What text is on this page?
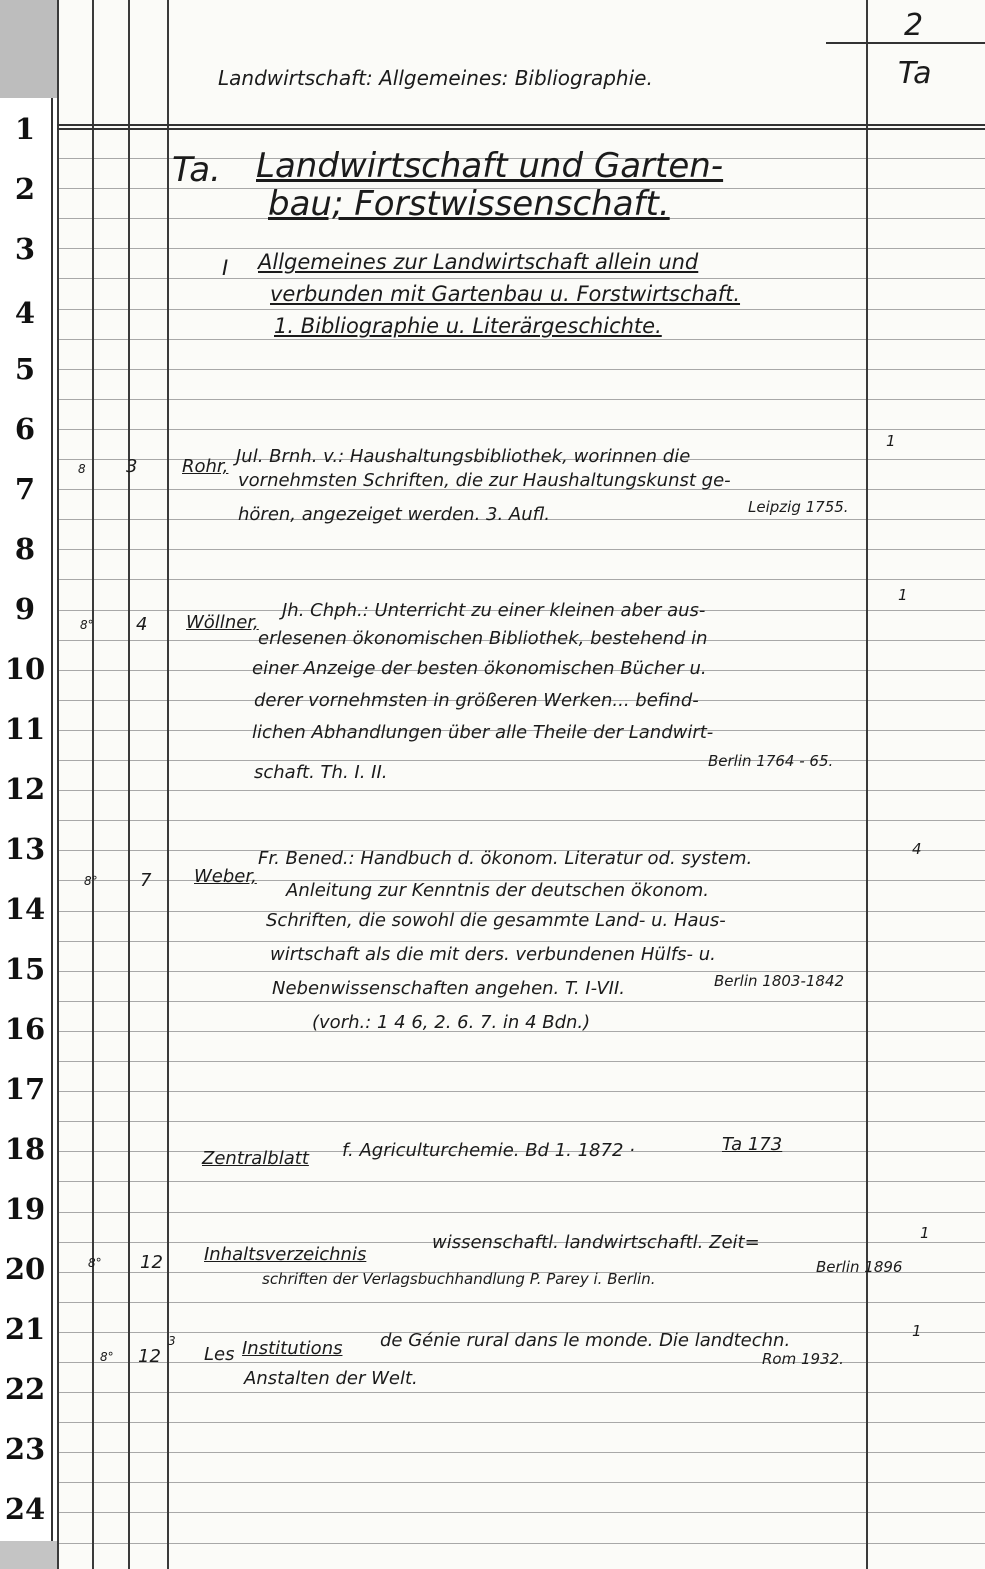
1
2
3
4
5
6
7
8
9
10
11
12
13
14
15
16
17
18
19
20
21
22
23
24
2
Ta
Landwirtschaft: Allgemeines: Bibliographie.
Ta. Landwirtschaft und Garten-
bau; Forstwissenschaft.
I Allgemeines zur Landwirtschaft allein und
verbunden mit Gartenbau u. Forstwirtschaft.
1. Bibliographie u. Literärgeschichte.
8 3 Rohr, Jul. Brnh. v.: Haushaltungsbibliothek, worinnen die
vornehmsten Schriften, die zur Haushaltungskunst ge-
hören, angezeiget werden. 3. Aufl.	Leipzig 1755.
1
8° 4 Wöllner,
Jh. Chph.: Unterricht zu einer kleinen aber aus-
erlesenen ökonomischen Bibliothek, bestehend in
einer Anzeige der besten ökonomischen Bücher u.
derer vornehmsten in größeren Werken... befind-
lichen Abhandlungen über alle Theile der Landwirt-
schaft. Th. I. II.
Berlin 1764 - 65.
1
8° 7 Weber,
Fr. Bened.: Handbuch d. ökonom. Literatur od. system.
Anleitung zur Kenntnis der deutschen ökonom.
Schriften, die sowohl die gesammte Land- u. Haus-
wirtschaft als die mit ders. verbundenen Hülfs- u.
Nebenwissenschaften angehen. T. I-VII.
(vorh.: 1 4 6, 2. 6. 7. in 4 Bdn.)
Berlin 1803-1842
4
Zentralblatt f. Agriculturchemie. Bd 1. 1872 ·	Ta 173
8° 12 Inhaltsverzeichnis
wissenschaftl. landwirtschaftl. Zeit=
schriften der Verlagsbuchhandlung P. Parey i. Berlin.
Berlin 1896
1
8° 12
3
Les Institutions de Génie rural dans le monde. Die landtechn.
Anstalten der Welt.
Rom 1932.
1
